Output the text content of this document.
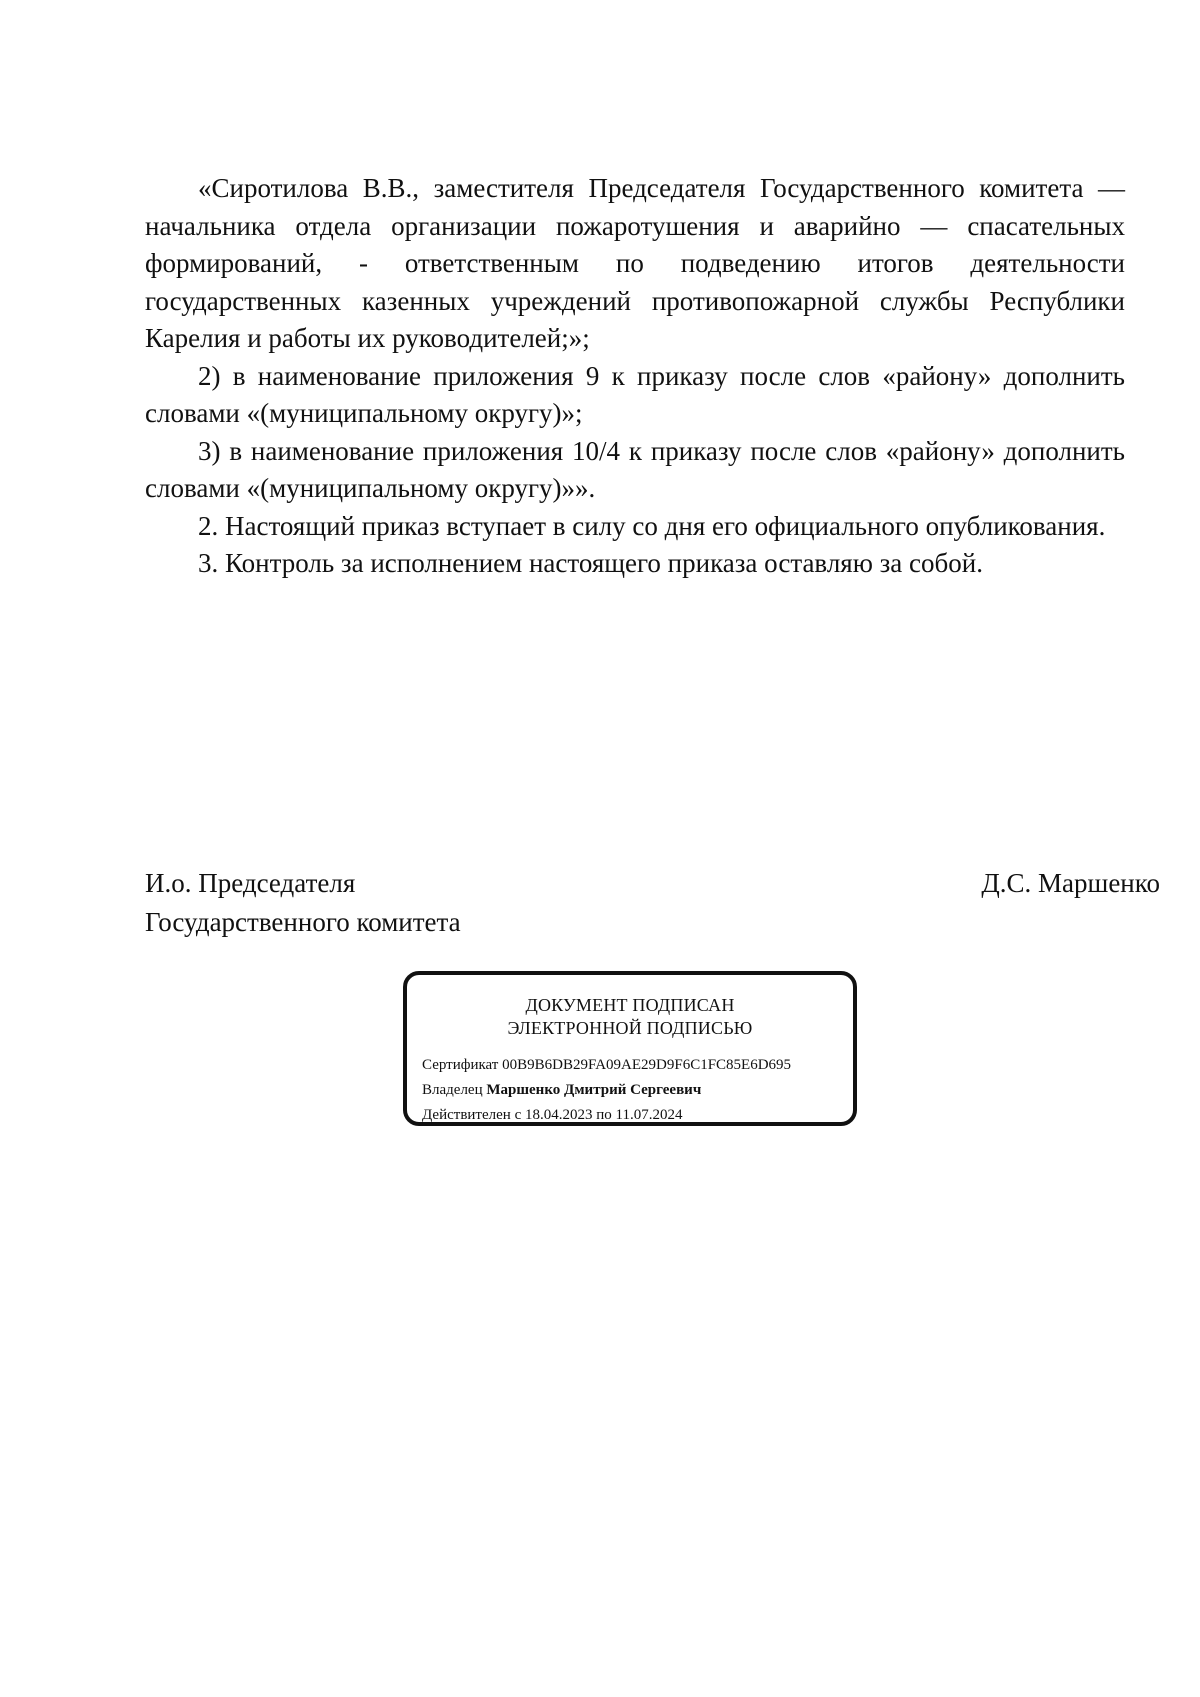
«Сиротилова В.В., заместителя Председателя Государственного комитета — начальника отдела организации пожаротушения и аварийно — спасательных формирований, - ответственным по подведению итогов деятельности государственных казенных учреждений противопожарной службы Республики Карелия и работы их руководителей;»;

2) в наименование приложения 9 к приказу после слов «району» дополнить словами «(муниципальному округу)»;

3) в наименование приложения 10/4 к приказу после слов «району» дополнить словами «(муниципальному округу)»».

2. Настоящий приказ вступает в силу со дня его официального опубликования.

3. Контроль за исполнением настоящего приказа оставляю за собой.

И.о. Председателя
Государственного комитета
Д.С. Маршенко
ДОКУМЕНТ ПОДПИСАН
ЭЛЕКТРОННОЙ ПОДПИСЬЮ
Сертификат 00B9B6DB29FA09AE29D9F6C1FC85E6D695
Владелец Маршенко Дмитрий Сергеевич
Действителен с 18.04.2023 по 11.07.2024
